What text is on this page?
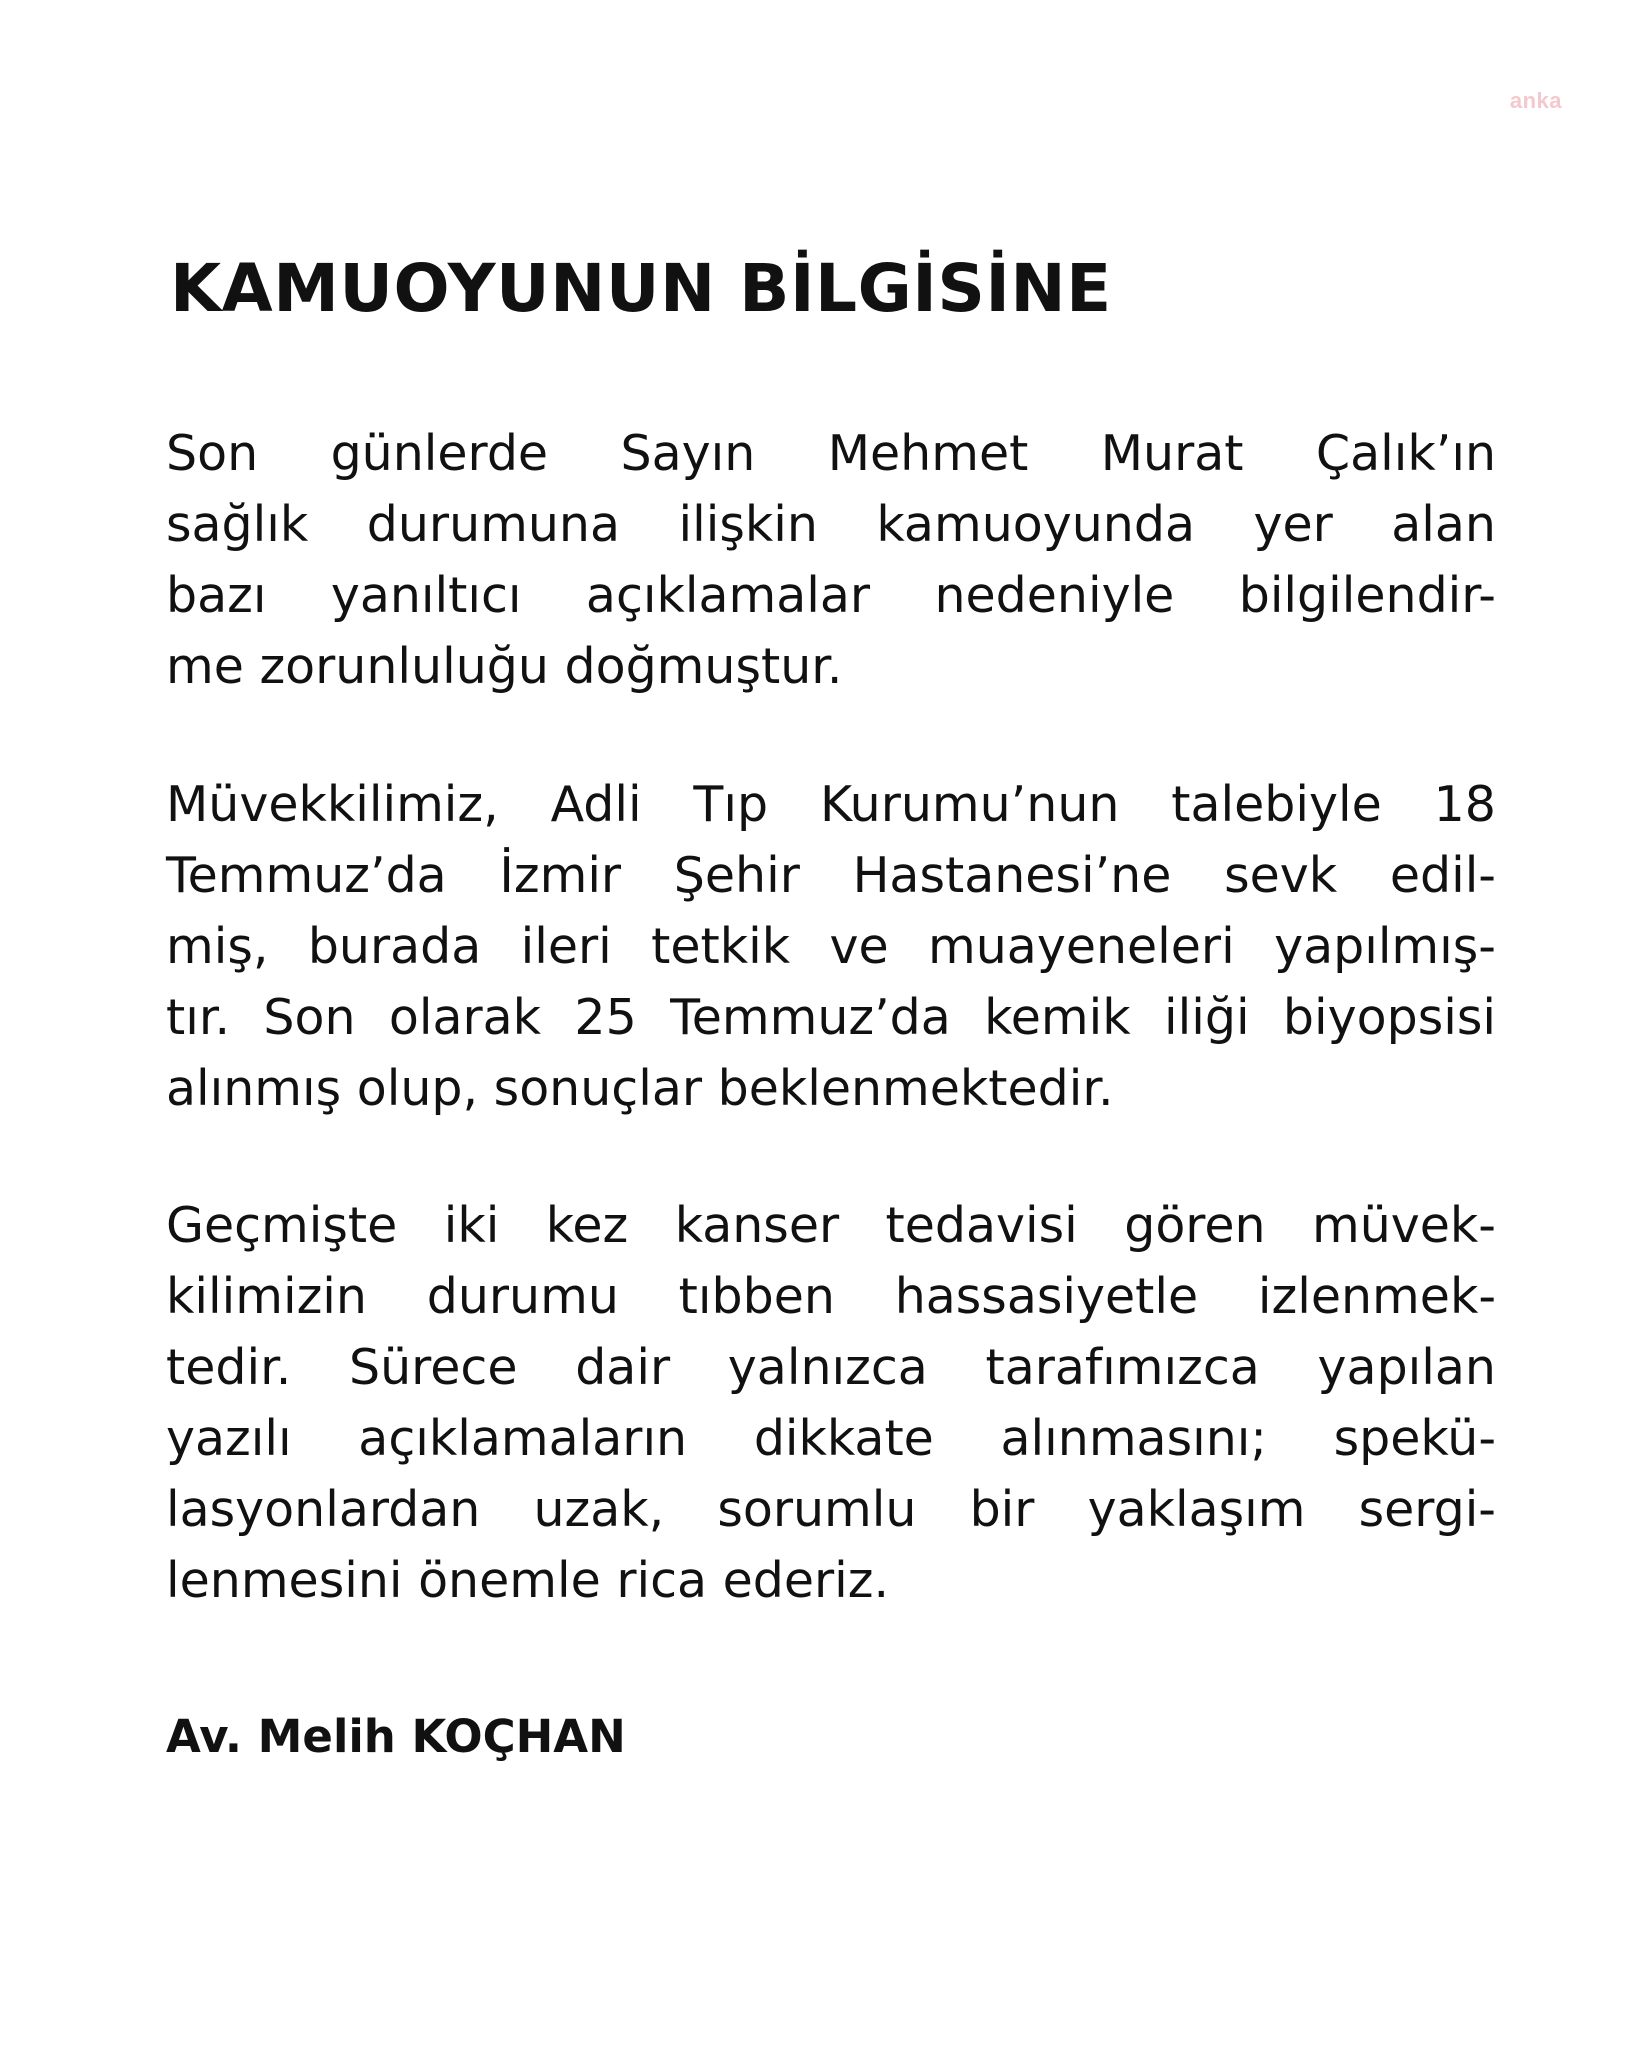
anka
KAMUOYUNUN BİLGİSİNE
Son günlerde Sayın Mehmet Murat Çalık’ın
sağlık durumuna ilişkin kamuoyunda yer alan
bazı yanıltıcı açıklamalar nedeniyle bilgilendir-
me zorunluluğu doğmuştur.
Müvekkilimiz, Adli Tıp Kurumu’nun talebiyle 18
Temmuz’da İzmir Şehir Hastanesi’ne sevk edil-
miş, burada ileri tetkik ve muayeneleri yapılmış-
tır. Son olarak 25 Temmuz’da kemik iliği biyopsisi
alınmış olup, sonuçlar beklenmektedir.
Geçmişte iki kez kanser tedavisi gören müvek-
kilimizin durumu tıbben hassasiyetle izlenmek-
tedir. Sürece dair yalnızca tarafımızca yapılan
yazılı açıklamaların dikkate alınmasını; spekü-
lasyonlardan uzak, sorumlu bir yaklaşım sergi-
lenmesini önemle rica ederiz.
Av. Melih KOÇHAN
